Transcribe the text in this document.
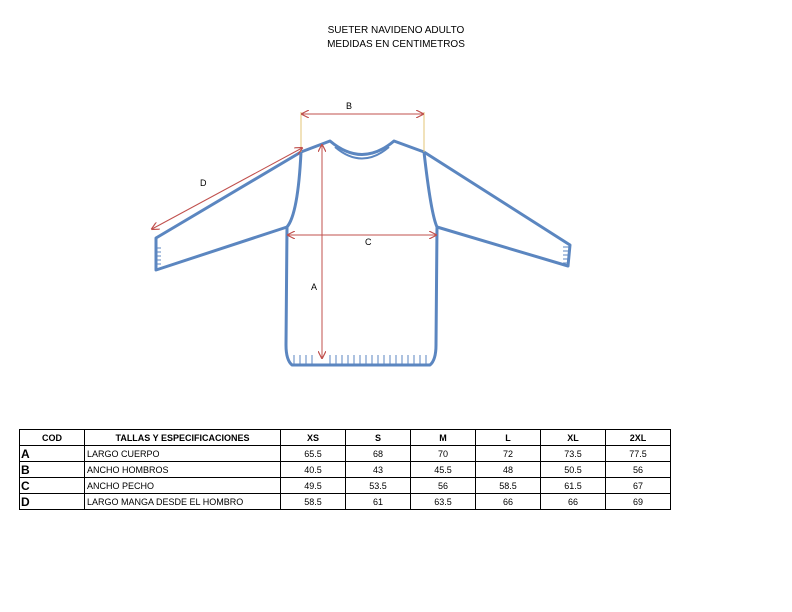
SUETER NAVIDENO ADULTO
MEDIDAS EN CENTIMETROS
B
C
A
D
COD	TALLAS Y ESPECIFICACIONES	XS	S	M	L	XL	2XL
A	LARGO CUERPO	65.5	68	70	72	73.5	77.5
B	ANCHO HOMBROS	40.5	43	45.5	48	50.5	56
C	ANCHO PECHO	49.5	53.5	56	58.5	61.5	67
D	LARGO MANGA DESDE EL HOMBRO	58.5	61	63.5	66	66	69
